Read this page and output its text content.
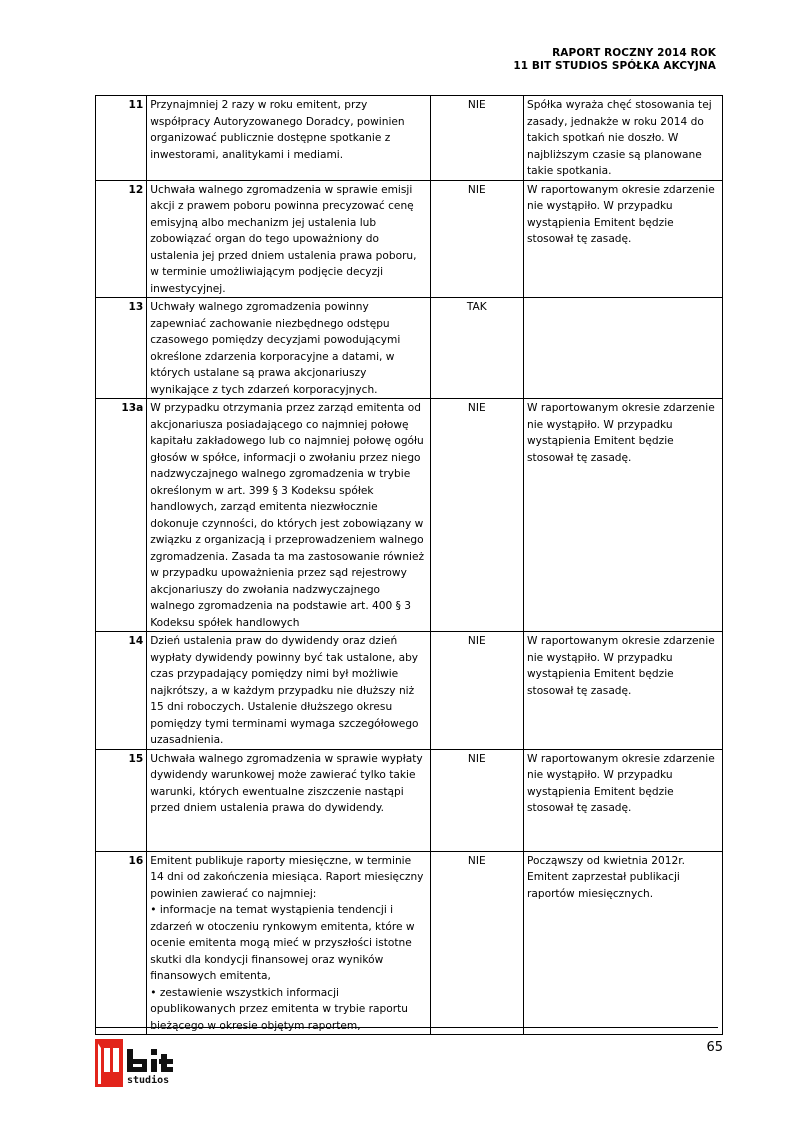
RAPORT ROCZNY 2014 ROK
11 BIT STUDIOS SPÓŁKA AKCYJNA
11	Przynajmniej 2 razy w roku emitent, przy współpracy Autoryzowanego Doradcy, powinien organizować publicznie dostępne spotkanie z inwestorami, analitykami i mediami.	NIE	Spółka wyraża chęć stosowania tej zasady, jednakże w roku 2014 do takich spotkań nie doszło. W najbliższym czasie są planowane takie spotkania.
12	Uchwała walnego zgromadzenia w sprawie emisji akcji z prawem poboru powinna precyzować cenę emisyjną albo mechanizm jej ustalenia lub zobowiązać organ do tego upoważniony do ustalenia jej przed dniem ustalenia prawa poboru, w terminie umożliwiającym podjęcie decyzji inwestycyjnej.	NIE	W raportowanym okresie zdarzenie nie wystąpiło. W przypadku wystąpienia Emitent będzie stosował tę zasadę.
13	Uchwały walnego zgromadzenia powinny zapewniać zachowanie niezbędnego odstępu czasowego pomiędzy decyzjami powodującymi określone zdarzenia korporacyjne a datami, w których ustalane są prawa akcjonariuszy wynikające z tych zdarzeń korporacyjnych.	TAK	
13a	W przypadku otrzymania przez zarząd emitenta od akcjonariusza posiadającego co najmniej połowę kapitału zakładowego lub co najmniej połowę ogółu głosów w spółce, informacji o zwołaniu przez niego nadzwyczajnego walnego zgromadzenia w trybie określonym w art. 399 § 3 Kodeksu spółek handlowych, zarząd emitenta niezwłocznie dokonuje czynności, do których jest zobowiązany w związku z organizacją i przeprowadzeniem walnego zgromadzenia. Zasada ta ma zastosowanie również w przypadku upoważnienia przez sąd rejestrowy akcjonariuszy do zwołania nadzwyczajnego walnego zgromadzenia na podstawie art. 400 § 3 Kodeksu spółek handlowych	NIE	W raportowanym okresie zdarzenie nie wystąpiło. W przypadku wystąpienia Emitent będzie stosował tę zasadę.
14	Dzień ustalenia praw do dywidendy oraz dzień wypłaty dywidendy powinny być tak ustalone, aby czas przypadający pomiędzy nimi był możliwie najkrótszy, a w każdym przypadku nie dłuższy niż 15 dni roboczych. Ustalenie dłuższego okresu pomiędzy tymi terminami wymaga szczegółowego uzasadnienia.	NIE	W raportowanym okresie zdarzenie nie wystąpiło. W przypadku wystąpienia Emitent będzie stosował tę zasadę.
15	Uchwała walnego zgromadzenia w sprawie wypłaty dywidendy warunkowej może zawierać tylko takie warunki, których ewentualne ziszczenie nastąpi przed dniem ustalenia prawa do dywidendy.	NIE	W raportowanym okresie zdarzenie nie wystąpiło. W przypadku wystąpienia Emitent będzie stosował tę zasadę.
16	Emitent publikuje raporty miesięczne, w terminie 14 dni od zakończenia miesiąca. Raport miesięczny powinien zawierać co najmniej:
• informacje na temat wystąpienia tendencji i zdarzeń w otoczeniu rynkowym emitenta, które w ocenie emitenta mogą mieć w przyszłości istotne skutki dla kondycji finansowej oraz wyników finansowych emitenta,
• zestawienie wszystkich informacji opublikowanych przez emitenta w trybie raportu bieżącego w okresie objętym raportem,	NIE	Począwszy od kwietnia 2012r. Emitent zaprzestał publikacji raportów miesięcznych.
studios
65
